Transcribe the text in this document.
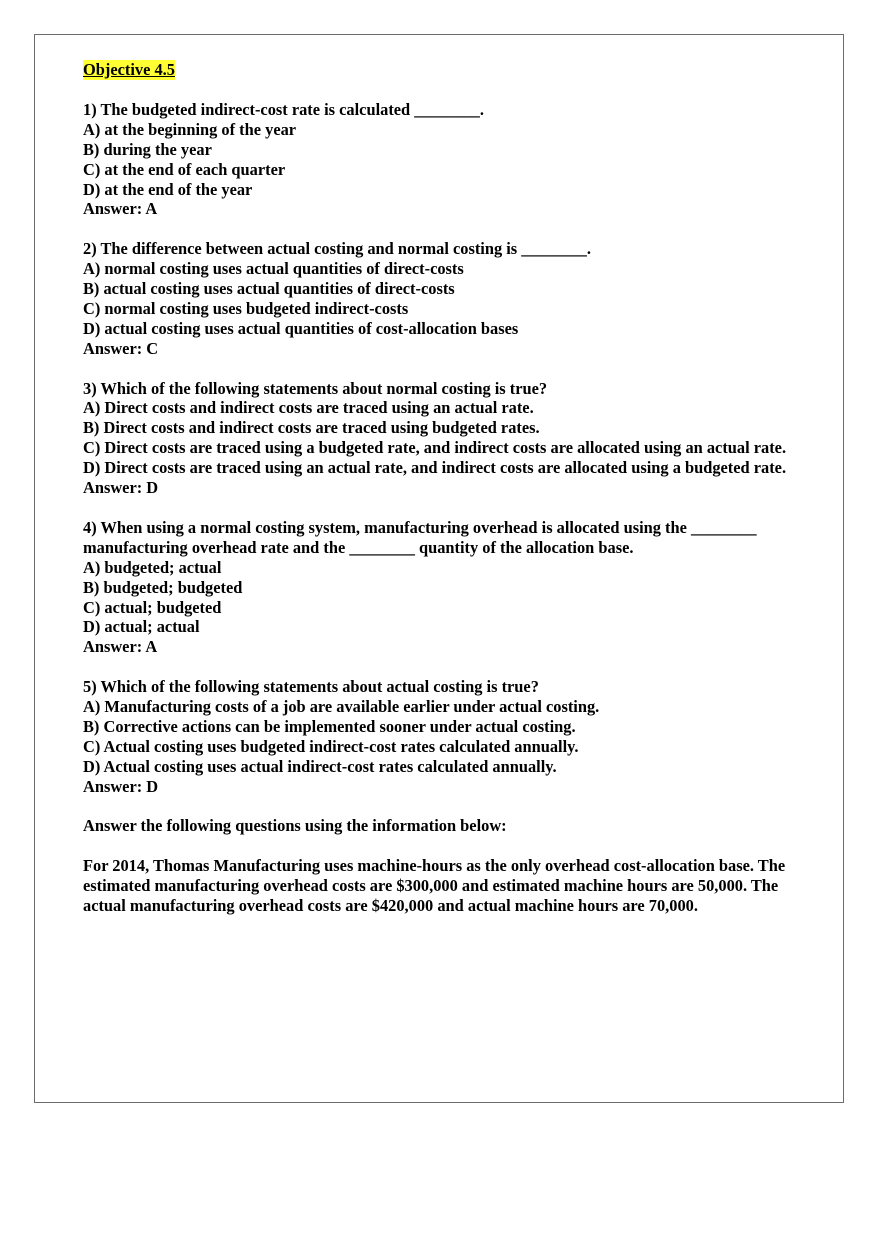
Objective 4.5
1) The budgeted indirect-cost rate is calculated ________.
A) at the beginning of the year
B) during the year
C) at the end of each quarter
D) at the end of the year
Answer: A
2) The difference between actual costing and normal costing is ________.
A) normal costing uses actual quantities of direct-costs
B) actual costing uses actual quantities of direct-costs
C) normal costing uses budgeted indirect-costs
D) actual costing uses actual quantities of cost-allocation bases
Answer: C
3) Which of the following statements about normal costing is true?
A) Direct costs and indirect costs are traced using an actual rate.
B) Direct costs and indirect costs are traced using budgeted rates.
C) Direct costs are traced using a budgeted rate, and indirect costs are allocated using an actual rate.
D) Direct costs are traced using an actual rate, and indirect costs are allocated using a budgeted rate.
Answer: D
4) When using a normal costing system, manufacturing overhead is allocated using the ________ manufacturing overhead rate and the ________ quantity of the allocation base.
A) budgeted; actual
B) budgeted; budgeted
C) actual; budgeted
D) actual; actual
Answer: A
5) Which of the following statements about actual costing is true?
A) Manufacturing costs of a job are available earlier under actual costing.
B) Corrective actions can be implemented sooner under actual costing.
C) Actual costing uses budgeted indirect-cost rates calculated annually.
D) Actual costing uses actual indirect-cost rates calculated annually.
Answer: D
Answer the following questions using the information below:
For 2014, Thomas Manufacturing uses machine-hours as the only overhead cost-allocation base. The estimated manufacturing overhead costs are $300,000 and estimated machine hours are 50,000. The actual manufacturing overhead costs are $420,000 and actual machine hours are 70,000.
